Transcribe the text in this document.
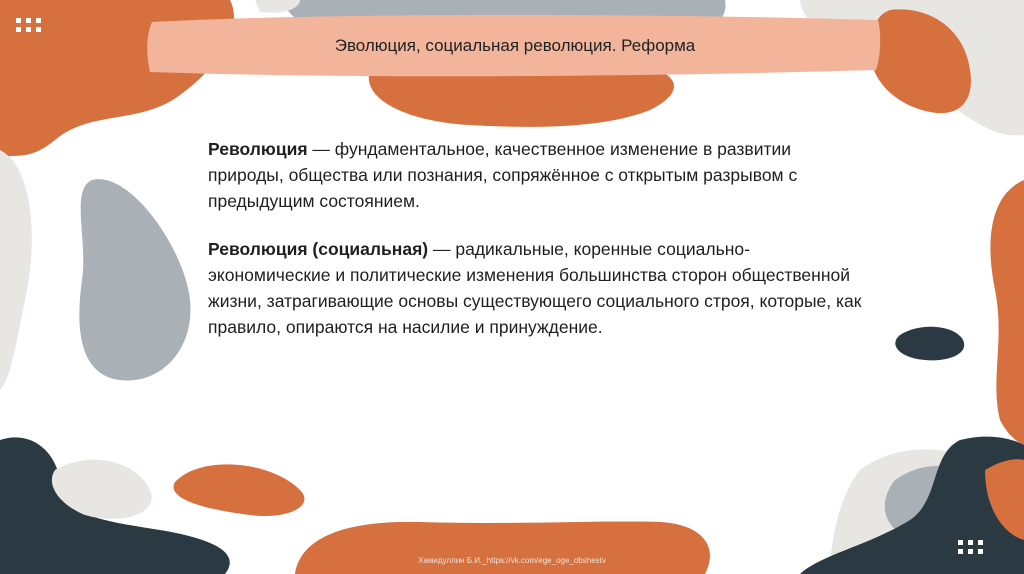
Эволюция, социальная революция. Реформа

Революция — фундаментальное, качественное изменение в развитии природы, общества или познания, сопряжённое с открытым разрывом с предыдущим состоянием.

Революция (социальная) — радикальные, коренные социально-экономические и политические изменения большинства сторон общественной жизни, затрагивающие основы существующего социального строя, которые, как правило, опираются на насилие и принуждение.

Хамидуллин Б.И._https://vk.com/ege_oge_obshestv
